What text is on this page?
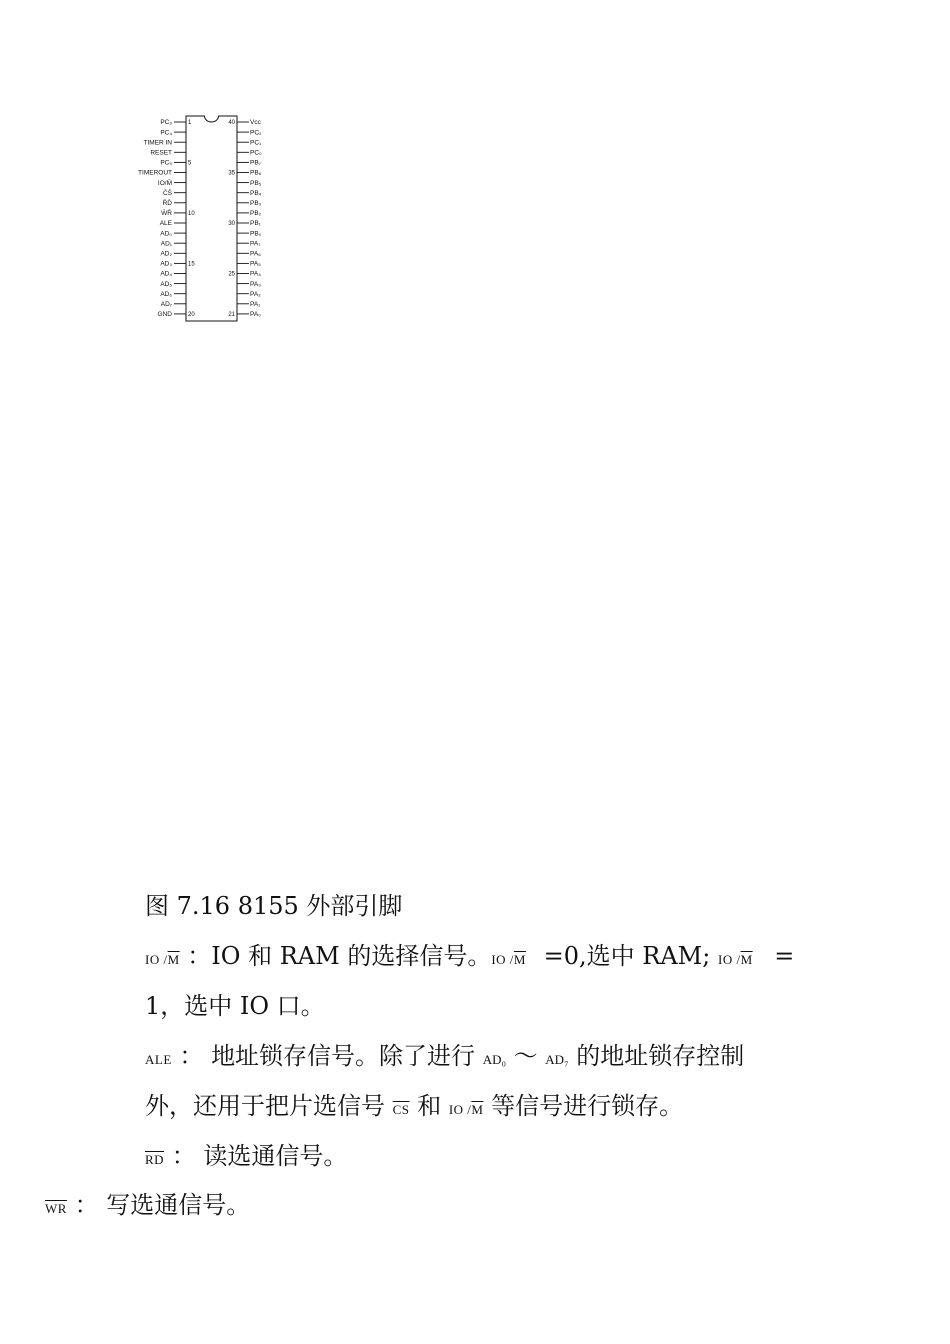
PC₃	1
PC₄
TIMER IN
RESET
PC₅	5
TIMEROUT
IO/M̄
C̄S̄
R̄D̄
W̄R̄	10
ALE
AD₀
AD₁
AD₂
AD₃	15
AD₄
AD₅
AD₆
AD₇
GND	20
Vcc
40
PC₂
PC₁
PC₀
PB₇
PB₆
35
PB₅
PB₄
PB₃
PB₂
PB₁
30
PB₀
PA₇
PA₆
PA₅
PA₄
25
PA₃
PA₂
PA₁
PA₀
21
图 7.16 8155 外部引脚
IO $/\overline{M}$ ：IO 和 RAM 的选择信号。IO $/\overline{M} =0$,选中 RAM; IO $/\overline{M}$ =
1，选中 IO 口。
ALE ： 地址锁存信号。除了进行 AD₀ ～ AD₇ 的地址锁存控制
外，还用于把片选信号 $\overline{CS}$ 和 IO $/\overline{M}$ 等信号进行锁存。
$\overline{RD}$ ： 读选通信号。
$\overline{WR}$ ： 写选通信号。
